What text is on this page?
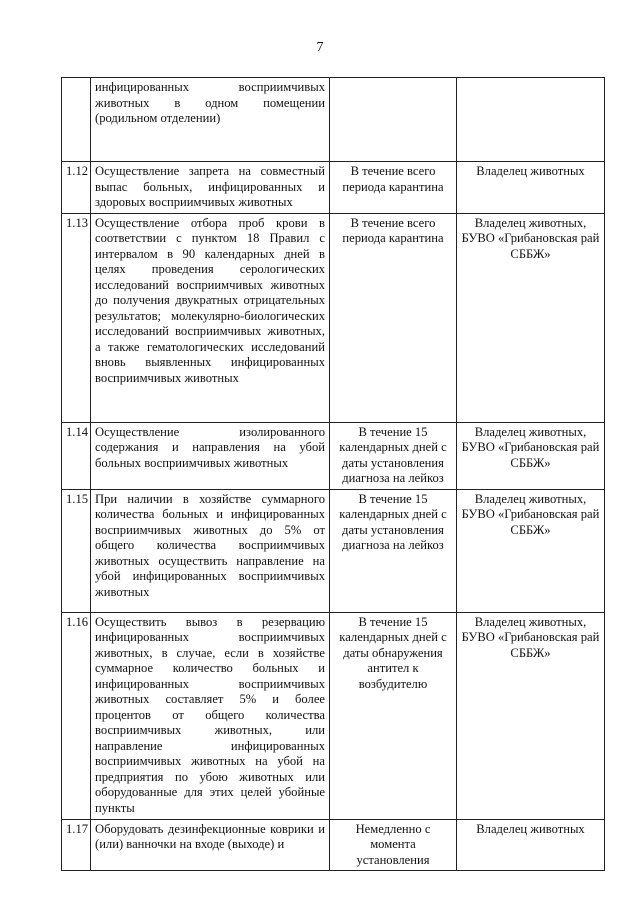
7
	инфицированных восприимчивых животных в одном помещении (родильном отделении)		
1.12	Осуществление запрета на совместный выпас больных, инфицированных и здоровых восприимчивых животных	В течение всего периода карантина	Владелец животных
1.13	Осуществление отбора проб крови в соответствии с пунктом 18 Правил с интервалом в 90 календарных дней в целях проведения серологических исследований восприимчивых животных до получения двукратных отрицательных результатов; молекулярно-биологических исследований восприимчивых животных, а также гематологических исследований вновь выявленных инфицированных восприимчивых животных	В течение всего периода карантина	Владелец животных, БУВО «Грибановская рай СББЖ»
1.14	Осуществление изолированного содержания и направления на убой больных восприимчивых животных	В течение 15 календарных дней с даты установления диагноза на лейкоз	Владелец животных, БУВО «Грибановская рай СББЖ»
1.15	При наличии в хозяйстве суммарного количества больных и инфицированных восприимчивых животных до 5% от общего количества восприимчивых животных осуществить направление на убой инфицированных восприимчивых животных	В течение 15 календарных дней с даты установления диагноза на лейкоз	Владелец животных, БУВО «Грибановская рай СББЖ»
1.16	Осуществить вывоз в резервацию инфицированных восприимчивых животных, в случае, если в хозяйстве суммарное количество больных и инфицированных восприимчивых животных составляет 5% и более процентов от общего количества восприимчивых животных, или направление инфицированных восприимчивых животных на убой на предприятия по убою животных или оборудованные для этих целей убойные пункты	В течение 15 календарных дней с даты обнаружения антител к возбудителю	Владелец животных, БУВО «Грибановская рай СББЖ»
1.17	Оборудовать дезинфекционные коврики и (или) ванночки на входе (выходе) и	Немедленно с момента установления	Владелец животных
